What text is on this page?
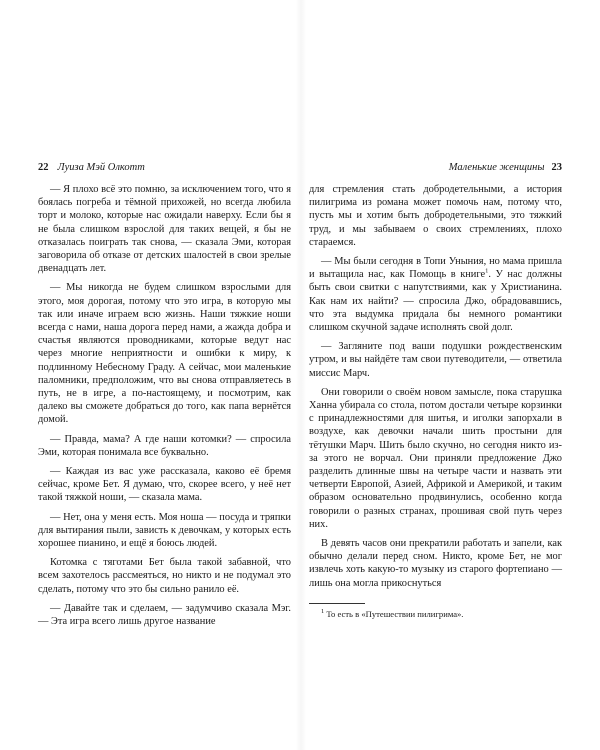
22 Луиза Мэй Олкотт

— Я плохо всё это помню, за исключением того, что я боялась погреба и тёмной прихожей, но всегда любила торт и молоко, которые нас ожидали наверху. Если бы я не была слишком взрослой для таких вещей, я бы не отказалась поиграть так снова, — сказала Эми, которая заговорила об отказе от детских шалостей в свои зрелые двенадцать лет.

— Мы никогда не будем слишком взрослыми для этого, моя дорогая, потому что это игра, в которую мы так или иначе играем всю жизнь. Наши тяжкие ноши всегда с нами, наша дорога перед нами, а жажда добра и счастья являются проводниками, которые ведут нас через многие неприятности и ошибки к миру, к подлинному Небесному Граду. А сейчас, мои маленькие паломники, предположим, что вы снова отправляетесь в путь, не в игре, а по-настоящему, и посмотрим, как далеко вы сможете добраться до того, как папа вернётся домой.

— Правда, мама? А где наши котомки? — спросила Эми, которая понимала все буквально.

— Каждая из вас уже рассказала, каково её бремя сейчас, кроме Бет. Я думаю, что, скорее всего, у неё нет такой тяжкой ноши, — сказала мама.

— Нет, она у меня есть. Моя ноша — посуда и тряпки для вытирания пыли, зависть к девочкам, у которых есть хорошее пианино, и ещё я боюсь людей.

Котомка с тяготами Бет была такой забавной, что всем захотелось рассмеяться, но никто и не подумал это сделать, потому что это бы сильно ранило её.

— Давайте так и сделаем, — задумчиво сказала Мэг. — Эта игра всего лишь другое название

Маленькие женщины 23

для стремления стать добродетельными, а история пилигрима из романа может помочь нам, потому что, пусть мы и хотим быть добродетельными, это тяжкий труд, и мы забываем о своих стремлениях, плохо стараемся.

— Мы были сегодня в Топи Уныния, но мама пришла и вытащила нас, как Помощь в книге$^1$. У нас должны быть свои свитки с напутствиями, как у Христианина. Как нам их найти? — спросила Джо, обрадовавшись, что эта выдумка придала бы немного романтики слишком скучной задаче исполнять свой долг.

— Загляните под ваши подушки рождественским утром, и вы найдёте там свои путеводители, — ответила миссис Марч.

Они говорили о своём новом замысле, пока старушка Ханна убирала со стола, потом достали четыре корзинки с принадлежностями для шитья, и иголки запорхали в воздухе, как девочки начали шить простыни для тётушки Марч. Шить было скучно, но сегодня никто из-за этого не ворчал. Они приняли предложение Джо разделить длинные швы на четыре части и назвать эти четверти Европой, Азией, Африкой и Америкой, и таким образом основательно продвинулись, особенно когда говорили о разных странах, прошивая свой путь через них.

В девять часов они прекратили работать и запели, как обычно делали перед сном. Никто, кроме Бет, не мог извлечь хоть какую-то музыку из старого фортепиано — лишь она могла прикоснуться

$^1$ То есть в «Путешествии пилигрима».
